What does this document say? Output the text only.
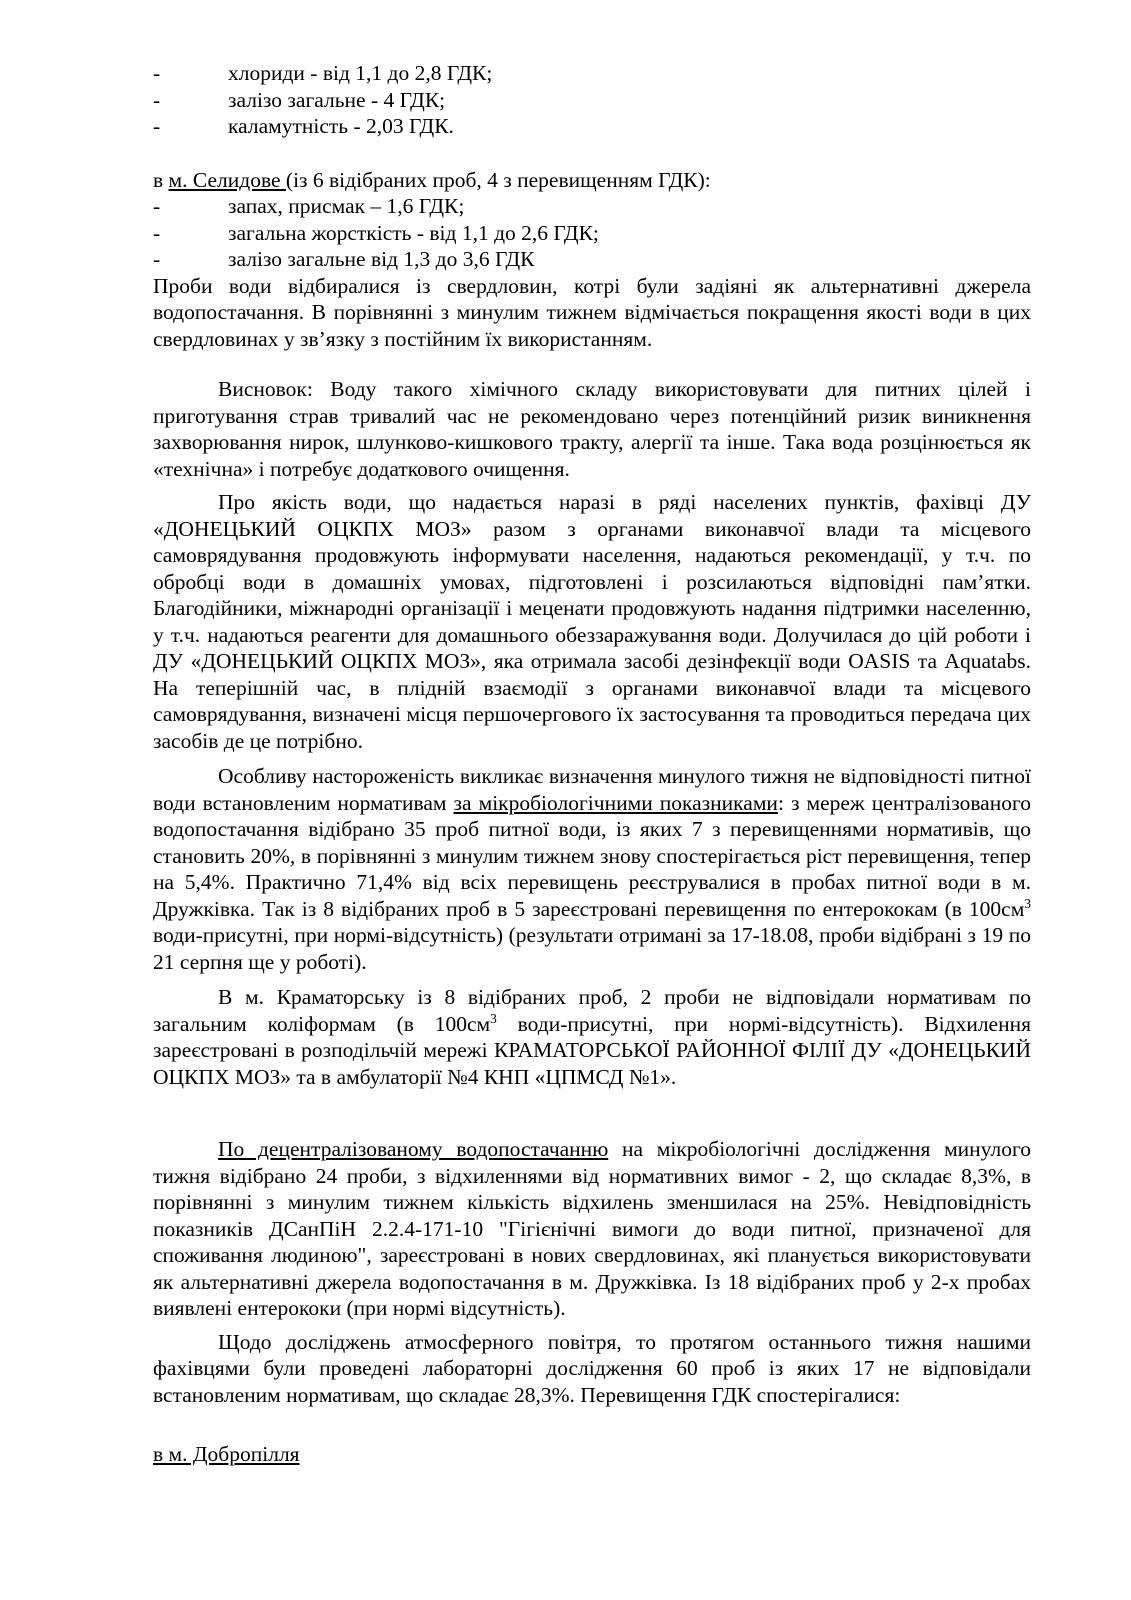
-	хлориди - від 1,1 до 2,8 ГДК;
-	залізо загальне - 4 ГДК;
-	каламутність - 2,03 ГДК.

в м. Селидове (із 6 відібраних проб, 4 з перевищенням ГДК):

-	запах, присмак – 1,6 ГДК;
-	загальна жорсткість - від 1,1 до 2,6 ГДК;
-	залізо загальне від 1,3 до 3,6 ГДК

Проби води відбиралися із свердловин, котрі були задіяні як альтернативні джерела водопостачання. В порівнянні з минулим тижнем відмічається покращення якості води в цих свердловинах у зв’язку з постійним їх використанням.

Висновок: Воду такого хімічного складу використовувати для питних цілей і приготування страв тривалий час не рекомендовано через потенційний ризик виникнення захворювання нирок, шлунково-кишкового тракту, алергії та інше. Така вода розцінюється як «технічна» і потребує додаткового очищення.

Про якість води, що надається наразі в ряді населених пунктів, фахівці ДУ «ДОНЕЦЬКИЙ ОЦКПХ МОЗ» разом з органами виконавчої влади та місцевого самоврядування продовжують інформувати населення, надаються рекомендації, у т.ч. по обробці води в домашніх умовах, підготовлені і розсилаються відповідні пам’ятки. Благодійники, міжнародні організації і меценати продовжують надання підтримки населенню, у т.ч. надаються реагенти для домашнього обеззаражування води. Долучилася до цій роботи і ДУ «ДОНЕЦЬКИЙ ОЦКПХ МОЗ», яка отримала засобі дезінфекції води OASIS та Aquatabs. На теперішній час, в плідній взаємодії з органами виконавчої влади та місцевого самоврядування, визначені місця першочергового їх застосування та проводиться передача цих засобів де це потрібно.

Особливу настороженість викликає визначення минулого тижня не відповідності питної води встановленим нормативам за мікробіологічними показниками: з мереж централізованого водопостачання відібрано 35 проб питної води, із яких 7 з перевищеннями нормативів, що становить 20%, в порівнянні з минулим тижнем знову спостерігається ріст перевищення, тепер на 5,4%. Практично 71,4% від всіх перевищень реєструвалися в пробах питної води в м. Дружківка. Так із 8 відібраних проб в 5 зареєстровані перевищення по ентерококам (в $100см^3$ води-присутні, при нормі-відсутність) (результати отримані за 17-18.08, проби відібрані з 19 по 21 серпня ще у роботі).

В м. Краматорську із 8 відібраних проб, 2 проби не відповідали нормативам по загальним коліформам (в $100см^3$ води-присутні, при нормі-відсутність). Відхилення зареєстровані в розподільчій мережі КРАМАТОРСЬКОЇ РАЙОННОЇ ФІЛІЇ ДУ «ДОНЕЦЬКИЙ ОЦКПХ МОЗ» та в амбулаторії №4 КНП «ЦПМСД №1».

По децентралізованому водопостачанню на мікробіологічні дослідження минулого тижня відібрано 24 проби, з відхиленнями від нормативних вимог - 2, що складає 8,3%, в порівнянні з минулим тижнем кількість відхилень зменшилася на 25%. Невідповідність показників ДСанПіН 2.2.4-171-10 "Гігієнічні вимоги до води питної, призначеної для споживання людиною", зареєстровані в нових свердловинах, які планується використовувати як альтернативні джерела водопостачання в м. Дружківка. Із 18 відібраних проб у 2-х пробах виявлені ентерококи (при нормі відсутність).

Щодо досліджень атмосферного повітря, то протягом останнього тижня нашими фахівцями були проведені лабораторні дослідження 60 проб із яких 17 не відповідали встановленим нормативам, що складає 28,3%. Перевищення ГДК спостерігалися:

в м. Добропілля
